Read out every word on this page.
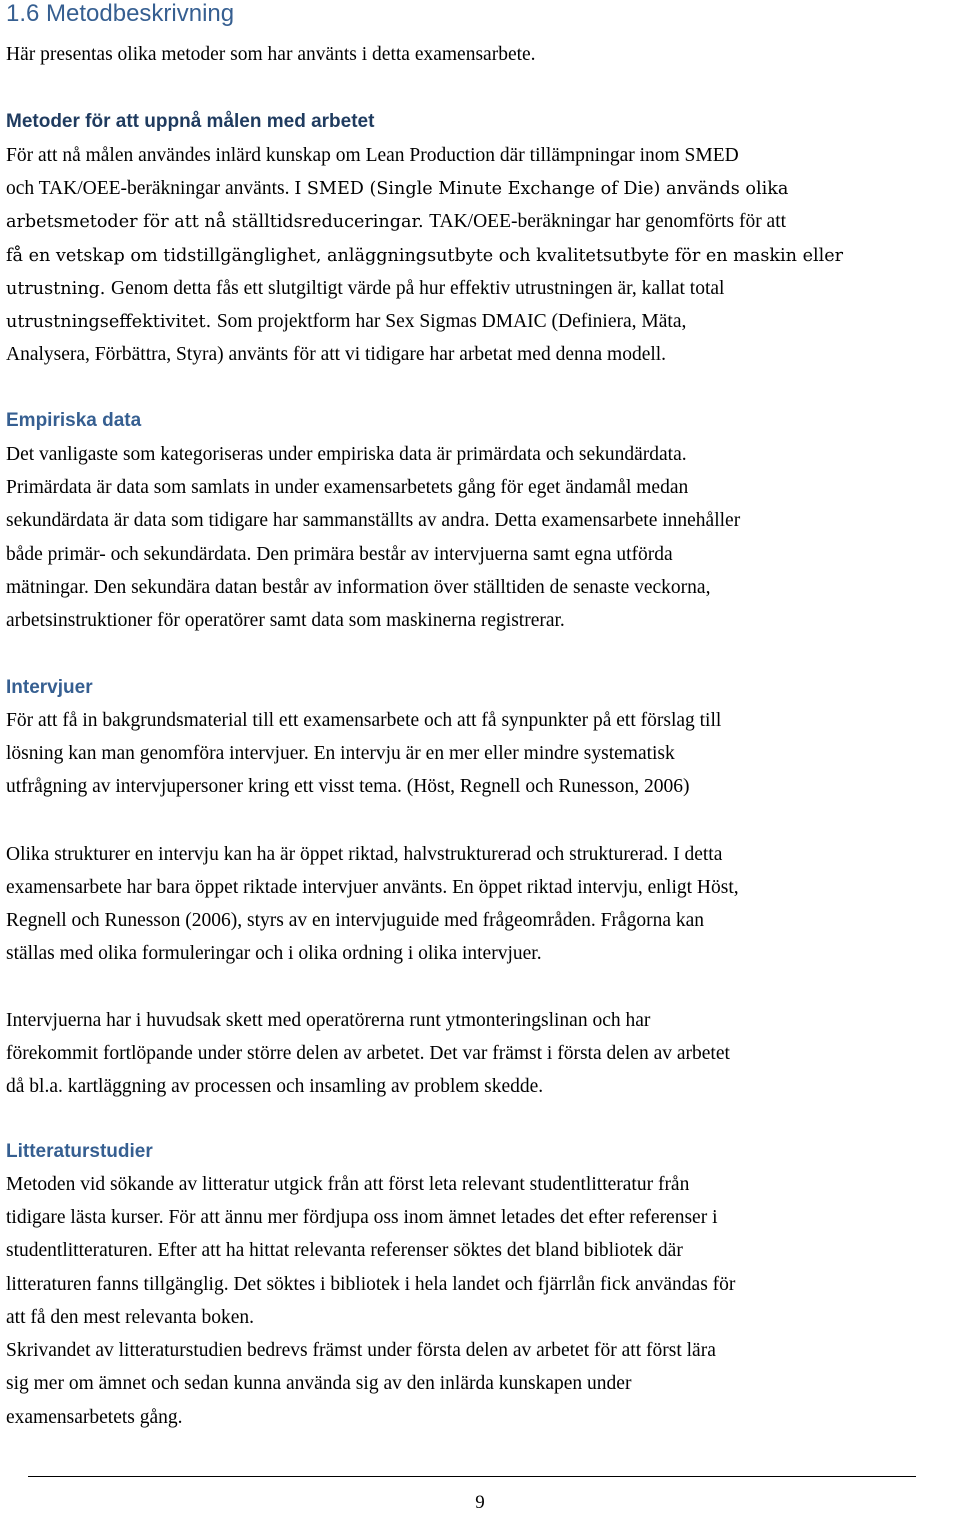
1.6 Metodbeskrivning

Här presentas olika metoder som har använts i detta examensarbete.

Metoder för att uppnå målen med arbetet

För att nå målen användes inlärd kunskap om Lean Production där tillämpningar inom SMED

och TAK/OEE-beräkningar använts. I SMED (Single Minute Exchange of Die) används olika

arbetsmetoder för att nå ställtidsreduceringar. TAK/OEE-beräkningar har genomförts för att

få en vetskap om tidstillgänglighet, anläggningsutbyte och kvalitetsutbyte för en maskin eller

utrustning. Genom detta fås ett slutgiltigt värde på hur effektiv utrustningen är, kallat total

utrustningseffektivitet. Som projektform har Sex Sigmas DMAIC (Definiera, Mäta,

Analysera, Förbättra, Styra) använts för att vi tidigare har arbetat med denna modell.

Empiriska data

Det vanligaste som kategoriseras under empiriska data är primärdata och sekundärdata.

Primärdata är data som samlats in under examensarbetets gång för eget ändamål medan

sekundärdata är data som tidigare har sammanställts av andra. Detta examensarbete innehåller

både primär- och sekundärdata. Den primära består av intervjuerna samt egna utförda

mätningar. Den sekundära datan består av information över ställtiden de senaste veckorna,

arbetsinstruktioner för operatörer samt data som maskinerna registrerar.

Intervjuer

För att få in bakgrundsmaterial till ett examensarbete och att få synpunkter på ett förslag till

lösning kan man genomföra intervjuer. En intervju är en mer eller mindre systematisk

utfrågning av intervjupersoner kring ett visst tema. (Höst, Regnell och Runesson, 2006)

Olika strukturer en intervju kan ha är öppet riktad, halvstrukturerad och strukturerad. I detta

examensarbete har bara öppet riktade intervjuer använts. En öppet riktad intervju, enligt Höst,

Regnell och Runesson (2006), styrs av en intervjuguide med frågeområden. Frågorna kan

ställas med olika formuleringar och i olika ordning i olika intervjuer.

Intervjuerna har i huvudsak skett med operatörerna runt ytmonteringslinan och har

förekommit fortlöpande under större delen av arbetet. Det var främst i första delen av arbetet

då bl.a. kartläggning av processen och insamling av problem skedde.

Litteraturstudier

Metoden vid sökande av litteratur utgick från att först leta relevant studentlitteratur från

tidigare lästa kurser. För att ännu mer fördjupa oss inom ämnet letades det efter referenser i

studentlitteraturen. Efter att ha hittat relevanta referenser söktes det bland bibliotek där

litteraturen fanns tillgänglig. Det söktes i bibliotek i hela landet och fjärrlån fick användas för

att få den mest relevanta boken.

Skrivandet av litteraturstudien bedrevs främst under första delen av arbetet för att först lära

sig mer om ämnet och sedan kunna använda sig av den inlärda kunskapen under

examensarbetets gång.

9
